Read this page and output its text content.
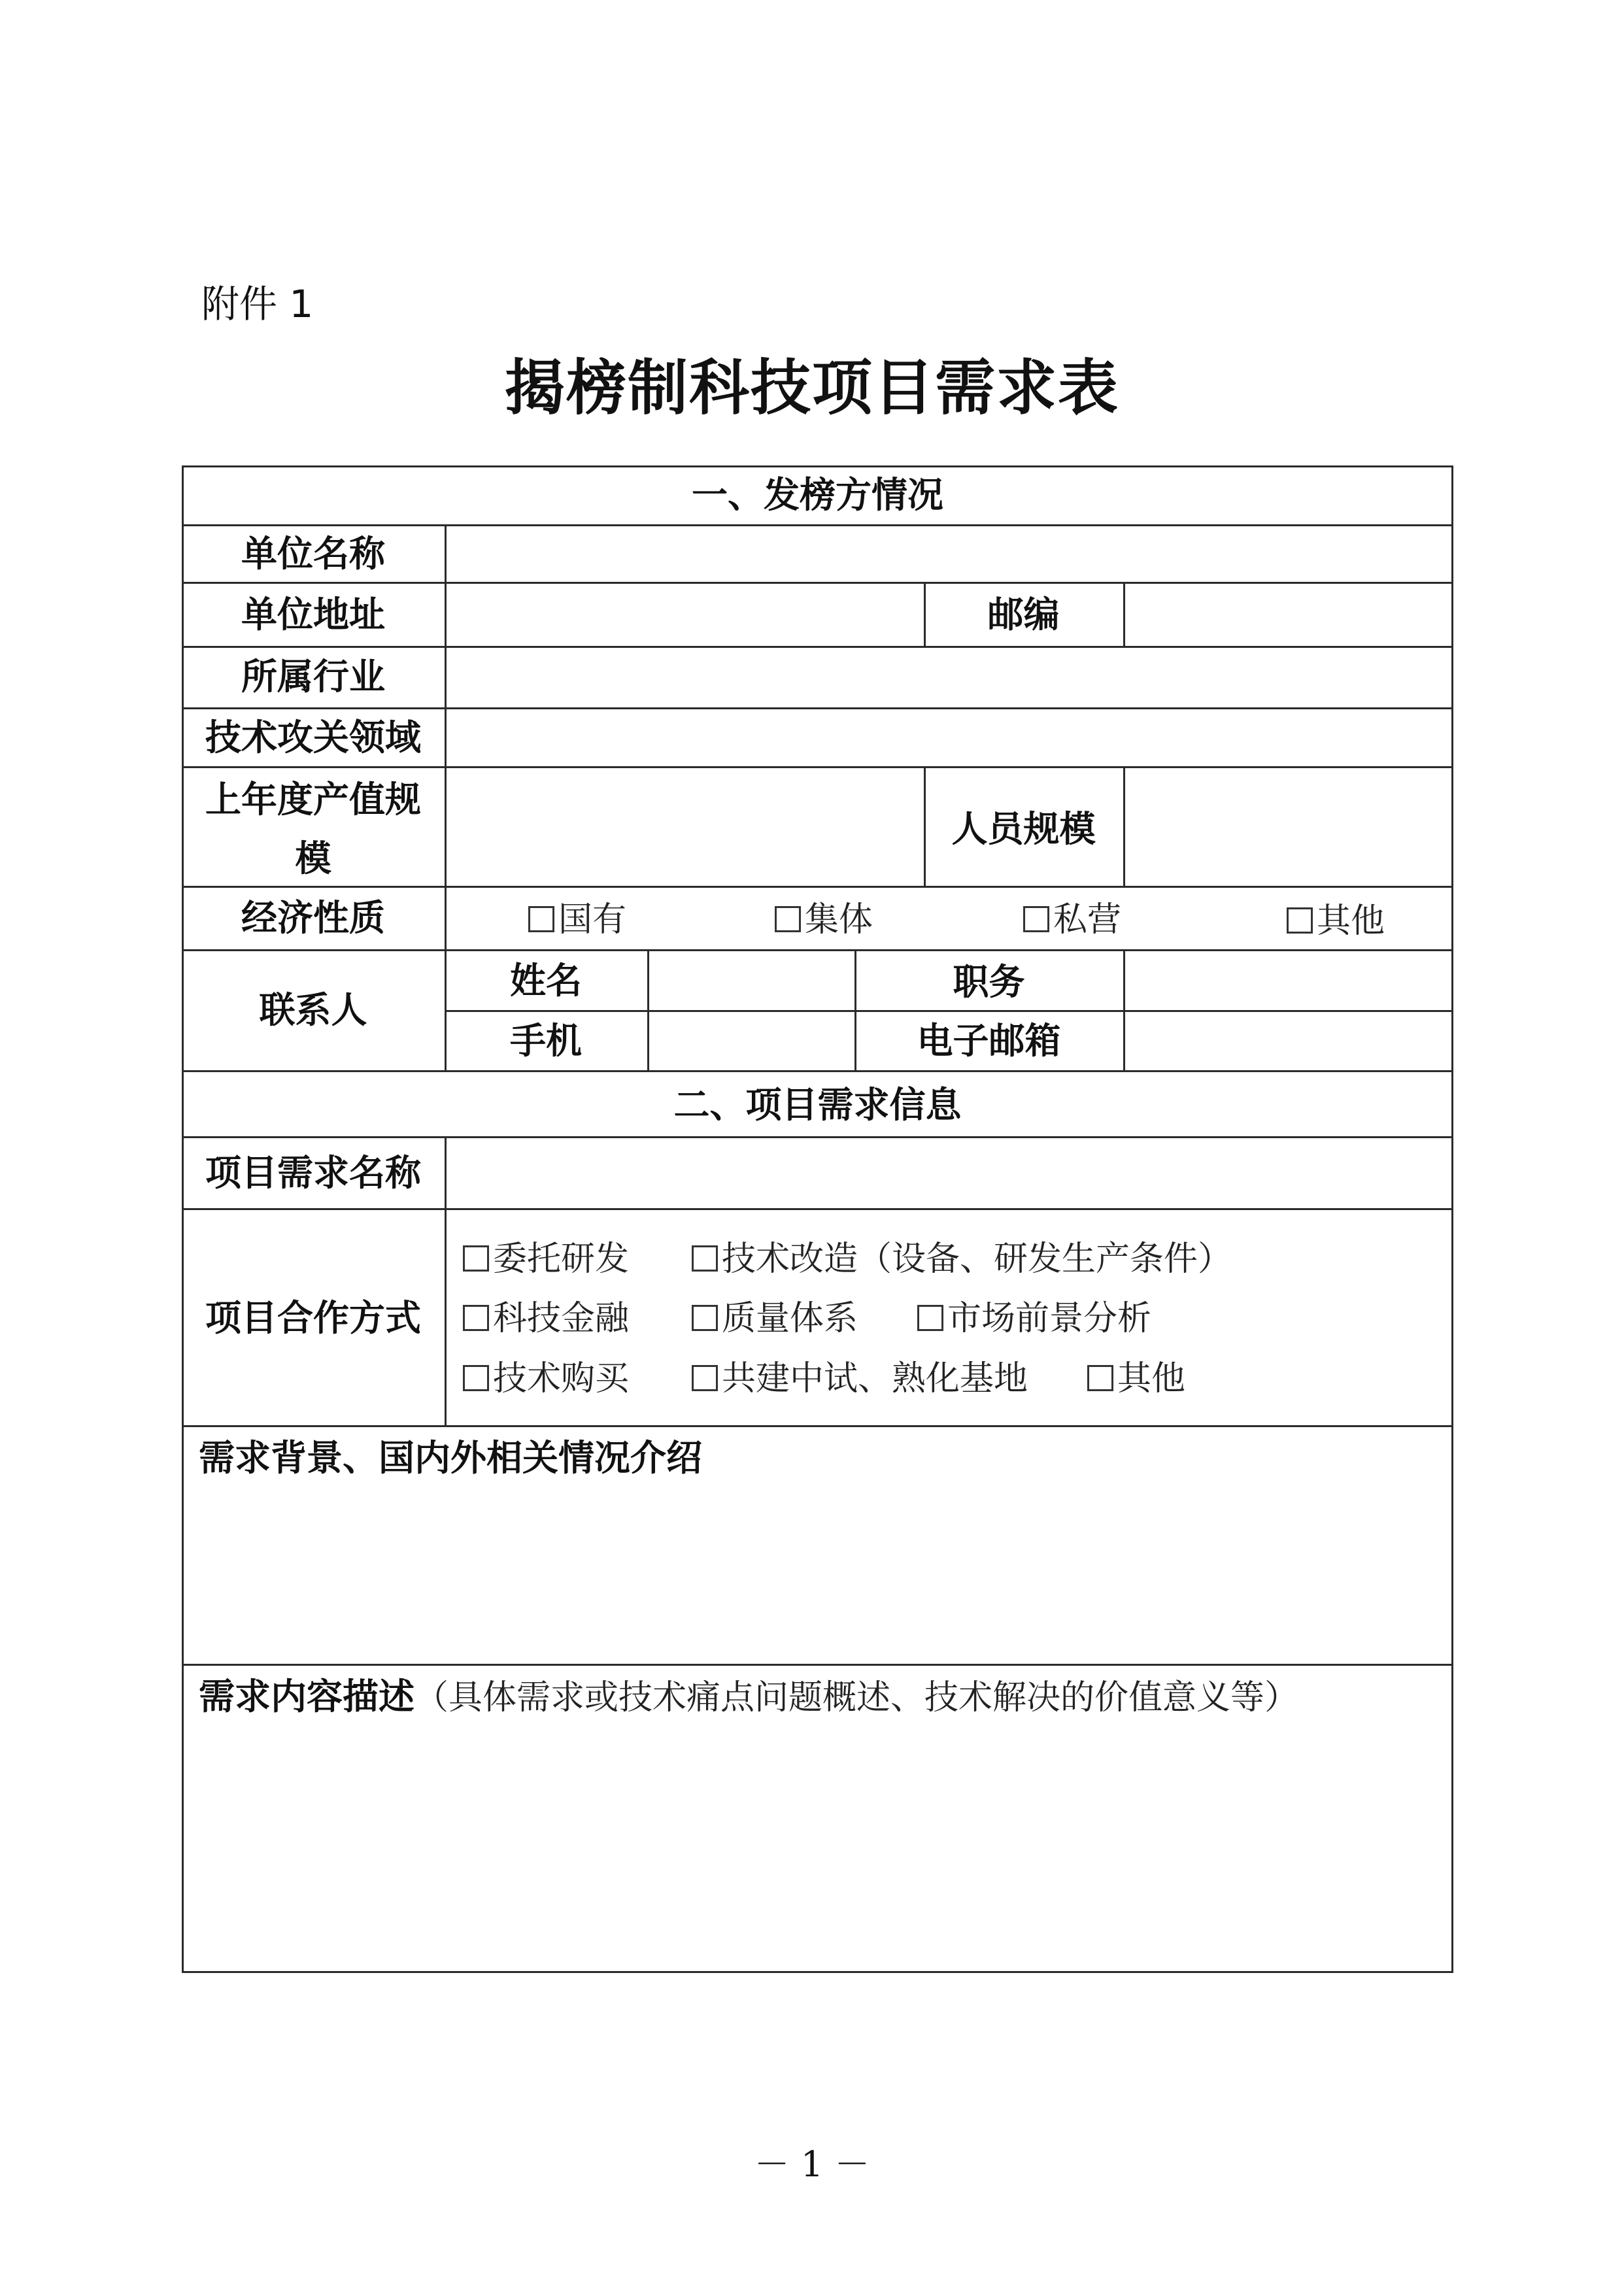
附件 1
揭榜制科技项目需求表
一、发榜方情况
单位名称
单位地址	邮编
所属行业
技术攻关领域
上年度产值规
模
人员规模
经济性质	国有	集体	私营	其他
联系人
姓名	职务
手机	电子邮箱
二、项目需求信息
项目需求名称
项目合作方式
委托研发	技术改造（设备、研发生产条件）
科技金融	质量体系	市场前景分析
技术购买	共建中试、熟化基地	其他
需求背景、国内外相关情况介绍
需求内容描述（具体需求或技术痛点问题概述、技术解决的价值意义等）
－ 1 －
